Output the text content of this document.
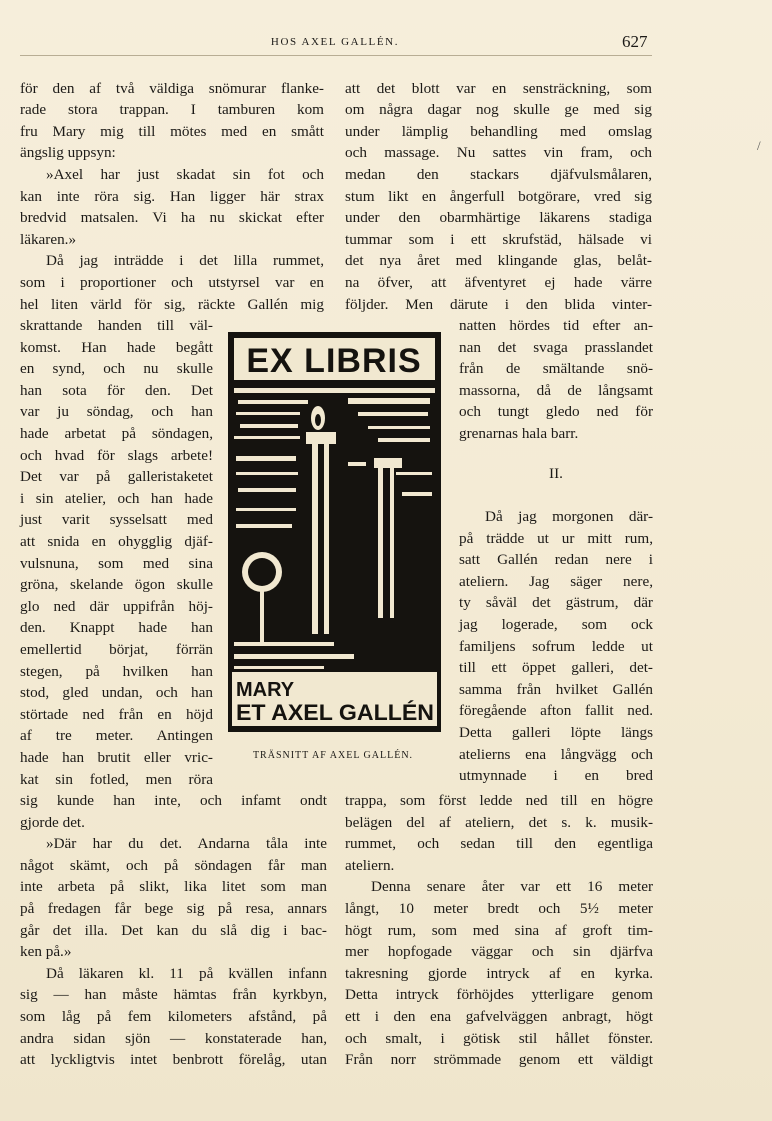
HOS AXEL GALLÉN.	627
/
för den af två väldiga snömurar flanke-
rade stora trappan. I tamburen kom
fru Mary mig till mötes med en smått
ängslig uppsyn:
»Axel har just skadat sin fot och
kan inte röra sig. Han ligger här strax
bredvid matsalen. Vi ha nu skickat efter
läkaren.»
Då jag inträdde i det lilla rummet,
som i proportioner och utstyrsel var en
hel liten värld för sig, räckte Gallén mig
skrattande handen till väl-
komst. Han hade begått
en synd, och nu skulle
han sota för den. Det
var ju söndag, och han
hade arbetat på söndagen,
och hvad för slags arbete!
Det var på galleristaketet
i sin atelier, och han hade
just varit sysselsatt med
att snida en ohygglig djäf-
vulsnuna, som med sina
gröna, skelande ögon skulle
glo ned där uppifrån höj-
den. Knappt hade han
emellertid börjat, förrän
stegen, på hvilken han
stod, gled undan, och han
störtade ned från en höjd
af tre meter. Antingen
hade han brutit eller vric-
kat sin fotled, men röra
sig kunde han inte, och infamt ondt
gjorde det.
»Där har du det. Andarna tåla inte
något skämt, och på söndagen får man
inte arbeta på slikt, lika litet som man
på fredagen får bege sig på resa, annars
går det illa. Det kan du slå dig i bac-
ken på.»
Då läkaren kl. 11 på kvällen infann
sig — han måste hämtas från kyrkbyn,
som låg på fem kilometers afstånd, på
andra sidan sjön — konstaterade han,
att lyckligtvis intet benbrott förelåg, utan
att det blott var en sensträckning, som
om några dagar nog skulle ge med sig
under lämplig behandling med omslag
och massage. Nu sattes vin fram, och
medan den stackars djäfvulsmålaren,
stum likt en ångerfull botgörare, vred sig
under den obarmhärtige läkarens stadiga
tummar som i ett skrufstäd, hälsade vi
det nya året med klingande glas, belåt-
na öfver, att äfventyret ej hade värre
följder. Men därute i den blida vinter-
natten hördes tid efter an-
nan det svaga prasslandet
från de smältande snö-
massorna, då de långsamt
och tungt gledo ned för
grenarnas hala barr.
Då jag morgonen där-
på trädde ut ur mitt rum,
satt Gallén redan nere i
ateliern. Jag säger nere,
ty såväl det gästrum, där
jag logerade, som ock
familjens sofrum ledde ut
till ett öppet galleri, det-
samma från hvilket Gallén
föregående afton fallit ned.
Detta galleri löpte längs
atelierns ena långvägg och
utmynnade i en bred
trappa, som först ledde ned till en högre
belägen del af ateliern, det s. k. musik-
rummet, och sedan till den egentliga
ateliern.
Denna senare åter var ett 16 meter
långt, 10 meter bredt och 5½ meter
högt rum, som med sina af groft tim-
mer hopfogade väggar och sin djärfva
takresning gjorde intryck af en kyrka.
Detta intryck förhöjdes ytterligare genom
ett i den ena gafvelväggen anbragt, högt
och smalt, i götisk stil hållet fönster.
Från norr strömmade genom ett väldigt
II.
EX LIBRIS
MARY
ET AXEL GALLÉN
TRÄSNITT AF AXEL GALLÉN.
